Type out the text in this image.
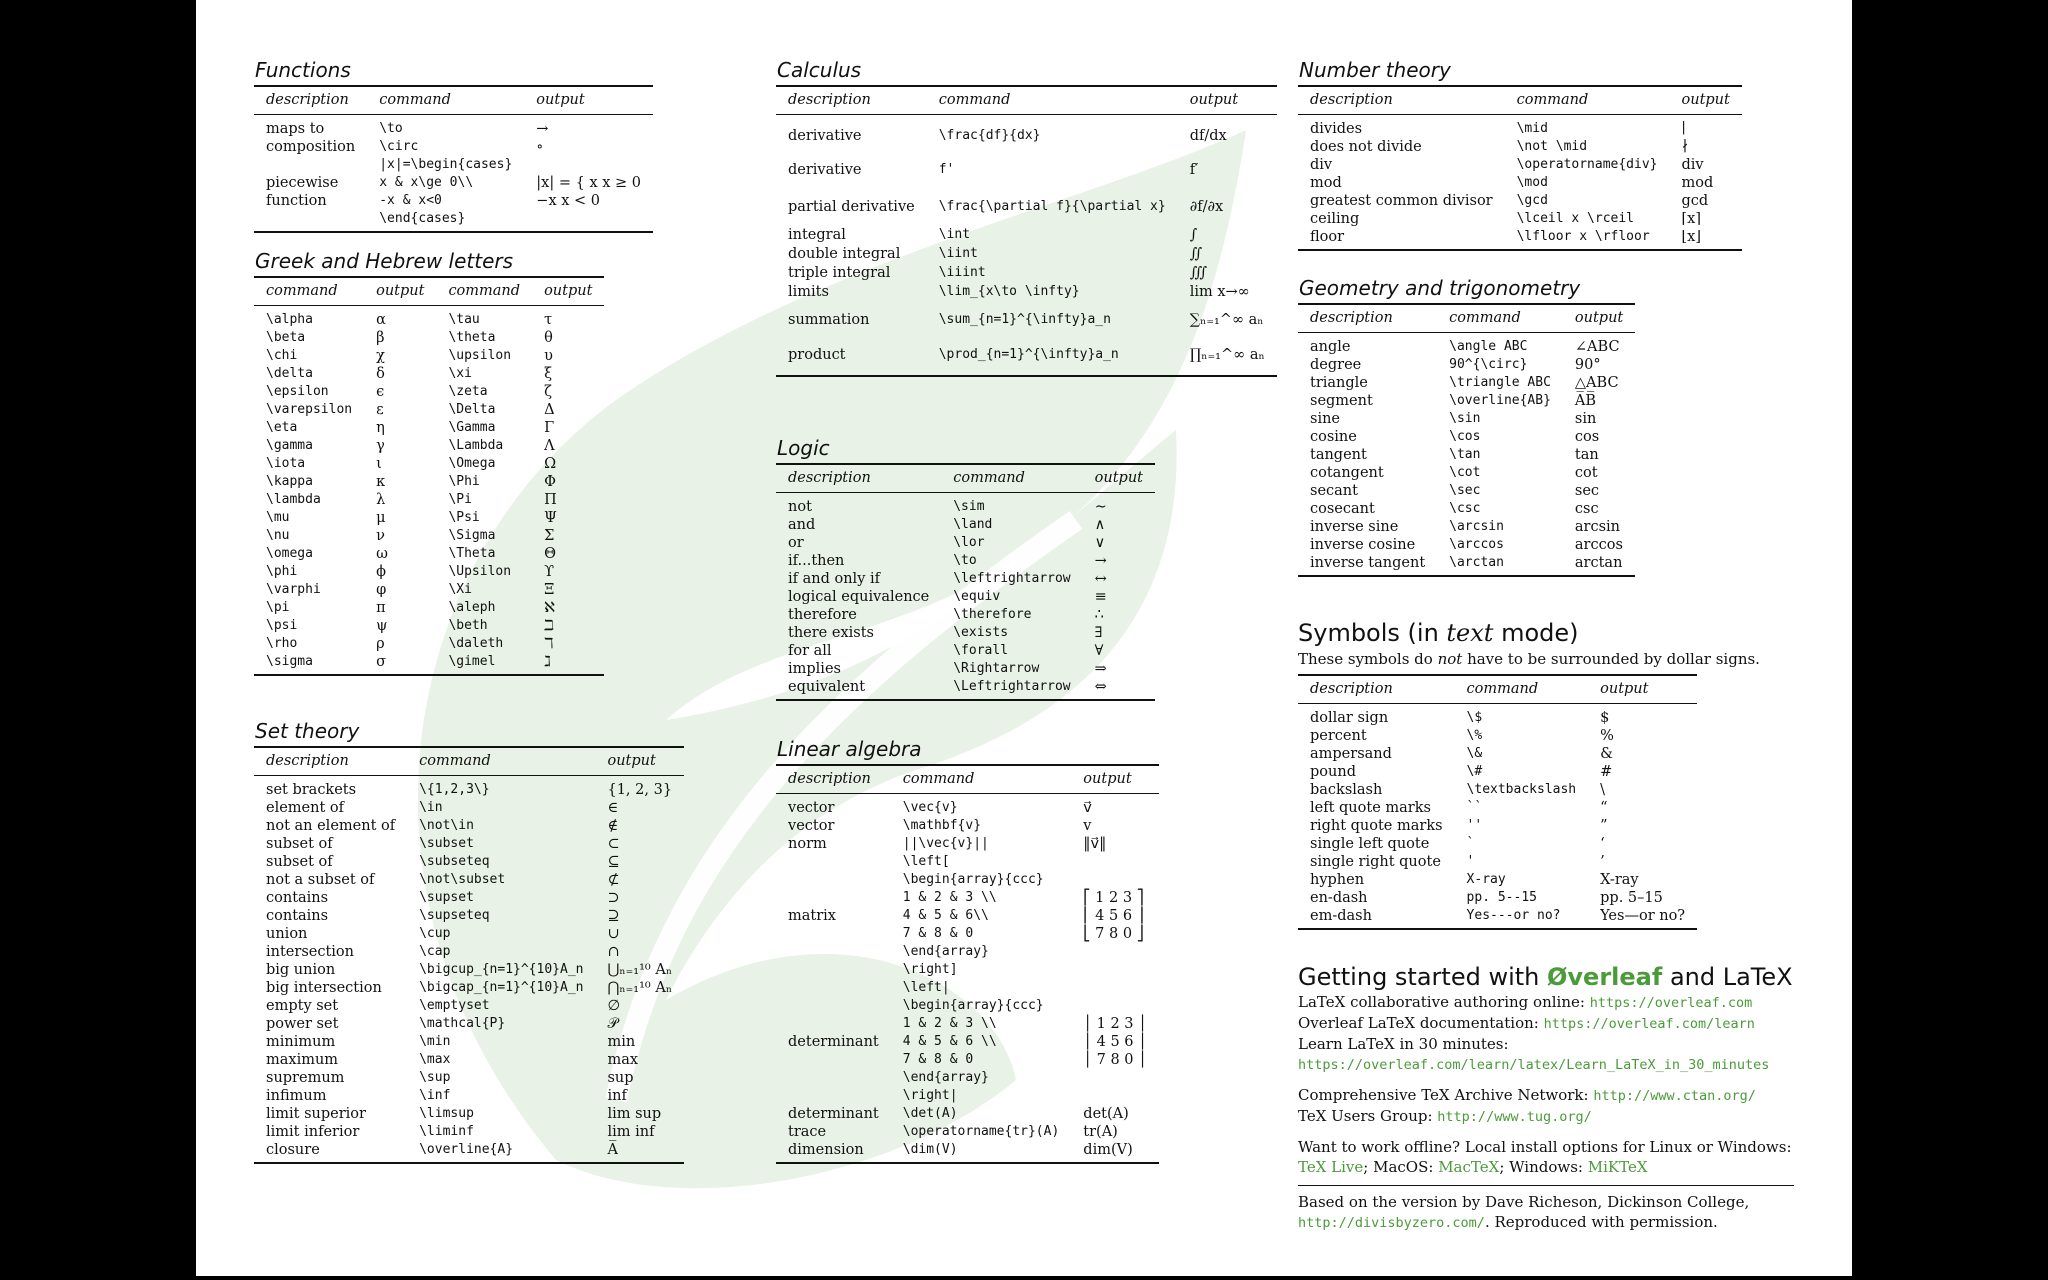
Functions
description	command	output
maps to	\to	→
composition	\circ	∘
	|x|=\begin{cases}	
piecewise	x & x\ge 0\\	|x| = { x x ≥ 0
function	-x & x<0	−x x < 0
	\end{cases}	
Greek and Hebrew letters
command	output	command	output
\alpha	α	\tau	τ
\beta	β	\theta	θ
\chi	χ	\upsilon	υ
\delta	δ	\xi	ξ
\epsilon	ϵ	\zeta	ζ
\varepsilon	ε	\Delta	Δ
\eta	η	\Gamma	Γ
\gamma	γ	\Lambda	Λ
\iota	ι	\Omega	Ω
\kappa	κ	\Phi	Φ
\lambda	λ	\Pi	Π
\mu	μ	\Psi	Ψ
\nu	ν	\Sigma	Σ
\omega	ω	\Theta	Θ
\phi	ϕ	\Upsilon	ϒ
\varphi	φ	\Xi	Ξ
\pi	π	\aleph	ℵ
\psi	ψ	\beth	ℶ
\rho	ρ	\daleth	ℸ
\sigma	σ	\gimel	ℷ
Set theory
description	command	output
set brackets	\{1,2,3\}	{1, 2, 3}
element of	\in	∈
not an element of	\not\in	∉
subset of	\subset	⊂
subset of	\subseteq	⊆
not a subset of	\not\subset	⊄
contains	\supset	⊃
contains	\supseteq	⊇
union	\cup	∪
intersection	\cap	∩
big union	\bigcup_{n=1}^{10}A_n	⋃ₙ₌₁¹⁰ Aₙ
big intersection	\bigcap_{n=1}^{10}A_n	⋂ₙ₌₁¹⁰ Aₙ
empty set	\emptyset	∅
power set	\mathcal{P}	𝒫
minimum	\min	min
maximum	\max	max
supremum	\sup	sup
infimum	\inf	inf
limit superior	\limsup	lim sup
limit inferior	\liminf	lim inf
closure	\overline{A}	A̅
Calculus
description	command	output
derivative	\frac{df}{dx}	df/dx
derivative	f'	f′
partial derivative	\frac{\partial f}{\partial x}	∂f/∂x
integral	\int	∫
double integral	\iint	∬
triple integral	\iiint	∭
limits	\lim_{x\to \infty}	lim x→∞
summation	\sum_{n=1}^{\infty}a_n	∑ₙ₌₁^∞ aₙ
product	\prod_{n=1}^{\infty}a_n	∏ₙ₌₁^∞ aₙ
Logic
description	command	output
not	\sim	∼
and	\land	∧
or	\lor	∨
if...then	\to	→
if and only if	\leftrightarrow	↔
logical equivalence	\equiv	≡
therefore	\therefore	∴
there exists	\exists	∃
for all	\forall	∀
implies	\Rightarrow	⇒
equivalent	\Leftrightarrow	⇔
Linear algebra
description	command	output
vector	\vec{v}	v⃗
vector	\mathbf{v}	v
norm	||\vec{v}||	‖v⃗‖
	\left[	
	\begin{array}{ccc}	
	1 & 2 & 3 \\	⎡ 1 2 3 ⎤
matrix	4 & 5 & 6\\	⎢ 4 5 6 ⎥
	7 & 8 & 0	⎣ 7 8 0 ⎦
	\end{array}	
	\right]	

	\left|	
	\begin{array}{ccc}	
	1 & 2 & 3 \\	│ 1 2 3 │
determinant	4 & 5 & 6 \\	│ 4 5 6 │
	7 & 8 & 0	│ 7 8 0 │
	\end{array}	
	\right|	
determinant	\det(A)	det(A)
trace	\operatorname{tr}(A)	tr(A)
dimension	\dim(V)	dim(V)
Number theory
description	command	output
divides	\mid	∣
does not divide	\not \mid	∤
div	\operatorname{div}	div
mod	\mod	mod
greatest common divisor	\gcd	gcd
ceiling	\lceil x \rceil	⌈x⌉
floor	\lfloor x \rfloor	⌊x⌋
Geometry and trigonometry
description	command	output
angle	\angle ABC	∠ABC
degree	90^{\circ}	90°
triangle	\triangle ABC	△ABC
segment	\overline{AB}	A̅B̅
sine	\sin	sin
cosine	\cos	cos
tangent	\tan	tan
cotangent	\cot	cot
secant	\sec	sec
cosecant	\csc	csc
inverse sine	\arcsin	arcsin
inverse cosine	\arccos	arccos
inverse tangent	\arctan	arctan
Symbols (in text mode)
These symbols do not have to be surrounded by dollar signs.
description	command	output
dollar sign	\$	$
percent	\%	%
ampersand	\&	&
pound	\#	#
backslash	\textbackslash	\
left quote marks	``	“
right quote marks	''	”
single left quote	`	‘
single right quote	'	’
hyphen	X-ray	X-ray
en-dash	pp. 5--15	pp. 5–15
em-dash	Yes---or no?	Yes—or no?
Getting started with Øverleaf and LaTeX

LaTeX collaborative authoring online: https://overleaf.com

Overleaf LaTeX documentation: https://overleaf.com/learn

Learn LaTeX in 30 minutes:

https://overleaf.com/learn/latex/Learn_LaTeX_in_30_minutes

Comprehensive TeX Archive Network: http://www.ctan.org/

TeX Users Group: http://www.tug.org/

Want to work offline? Local install options for Linux or Windows:

TeX Live; MacOS: MacTeX; Windows: MiKTeX

Based on the version by Dave Richeson, Dickinson College,

http://divisbyzero.com/. Reproduced with permission.
